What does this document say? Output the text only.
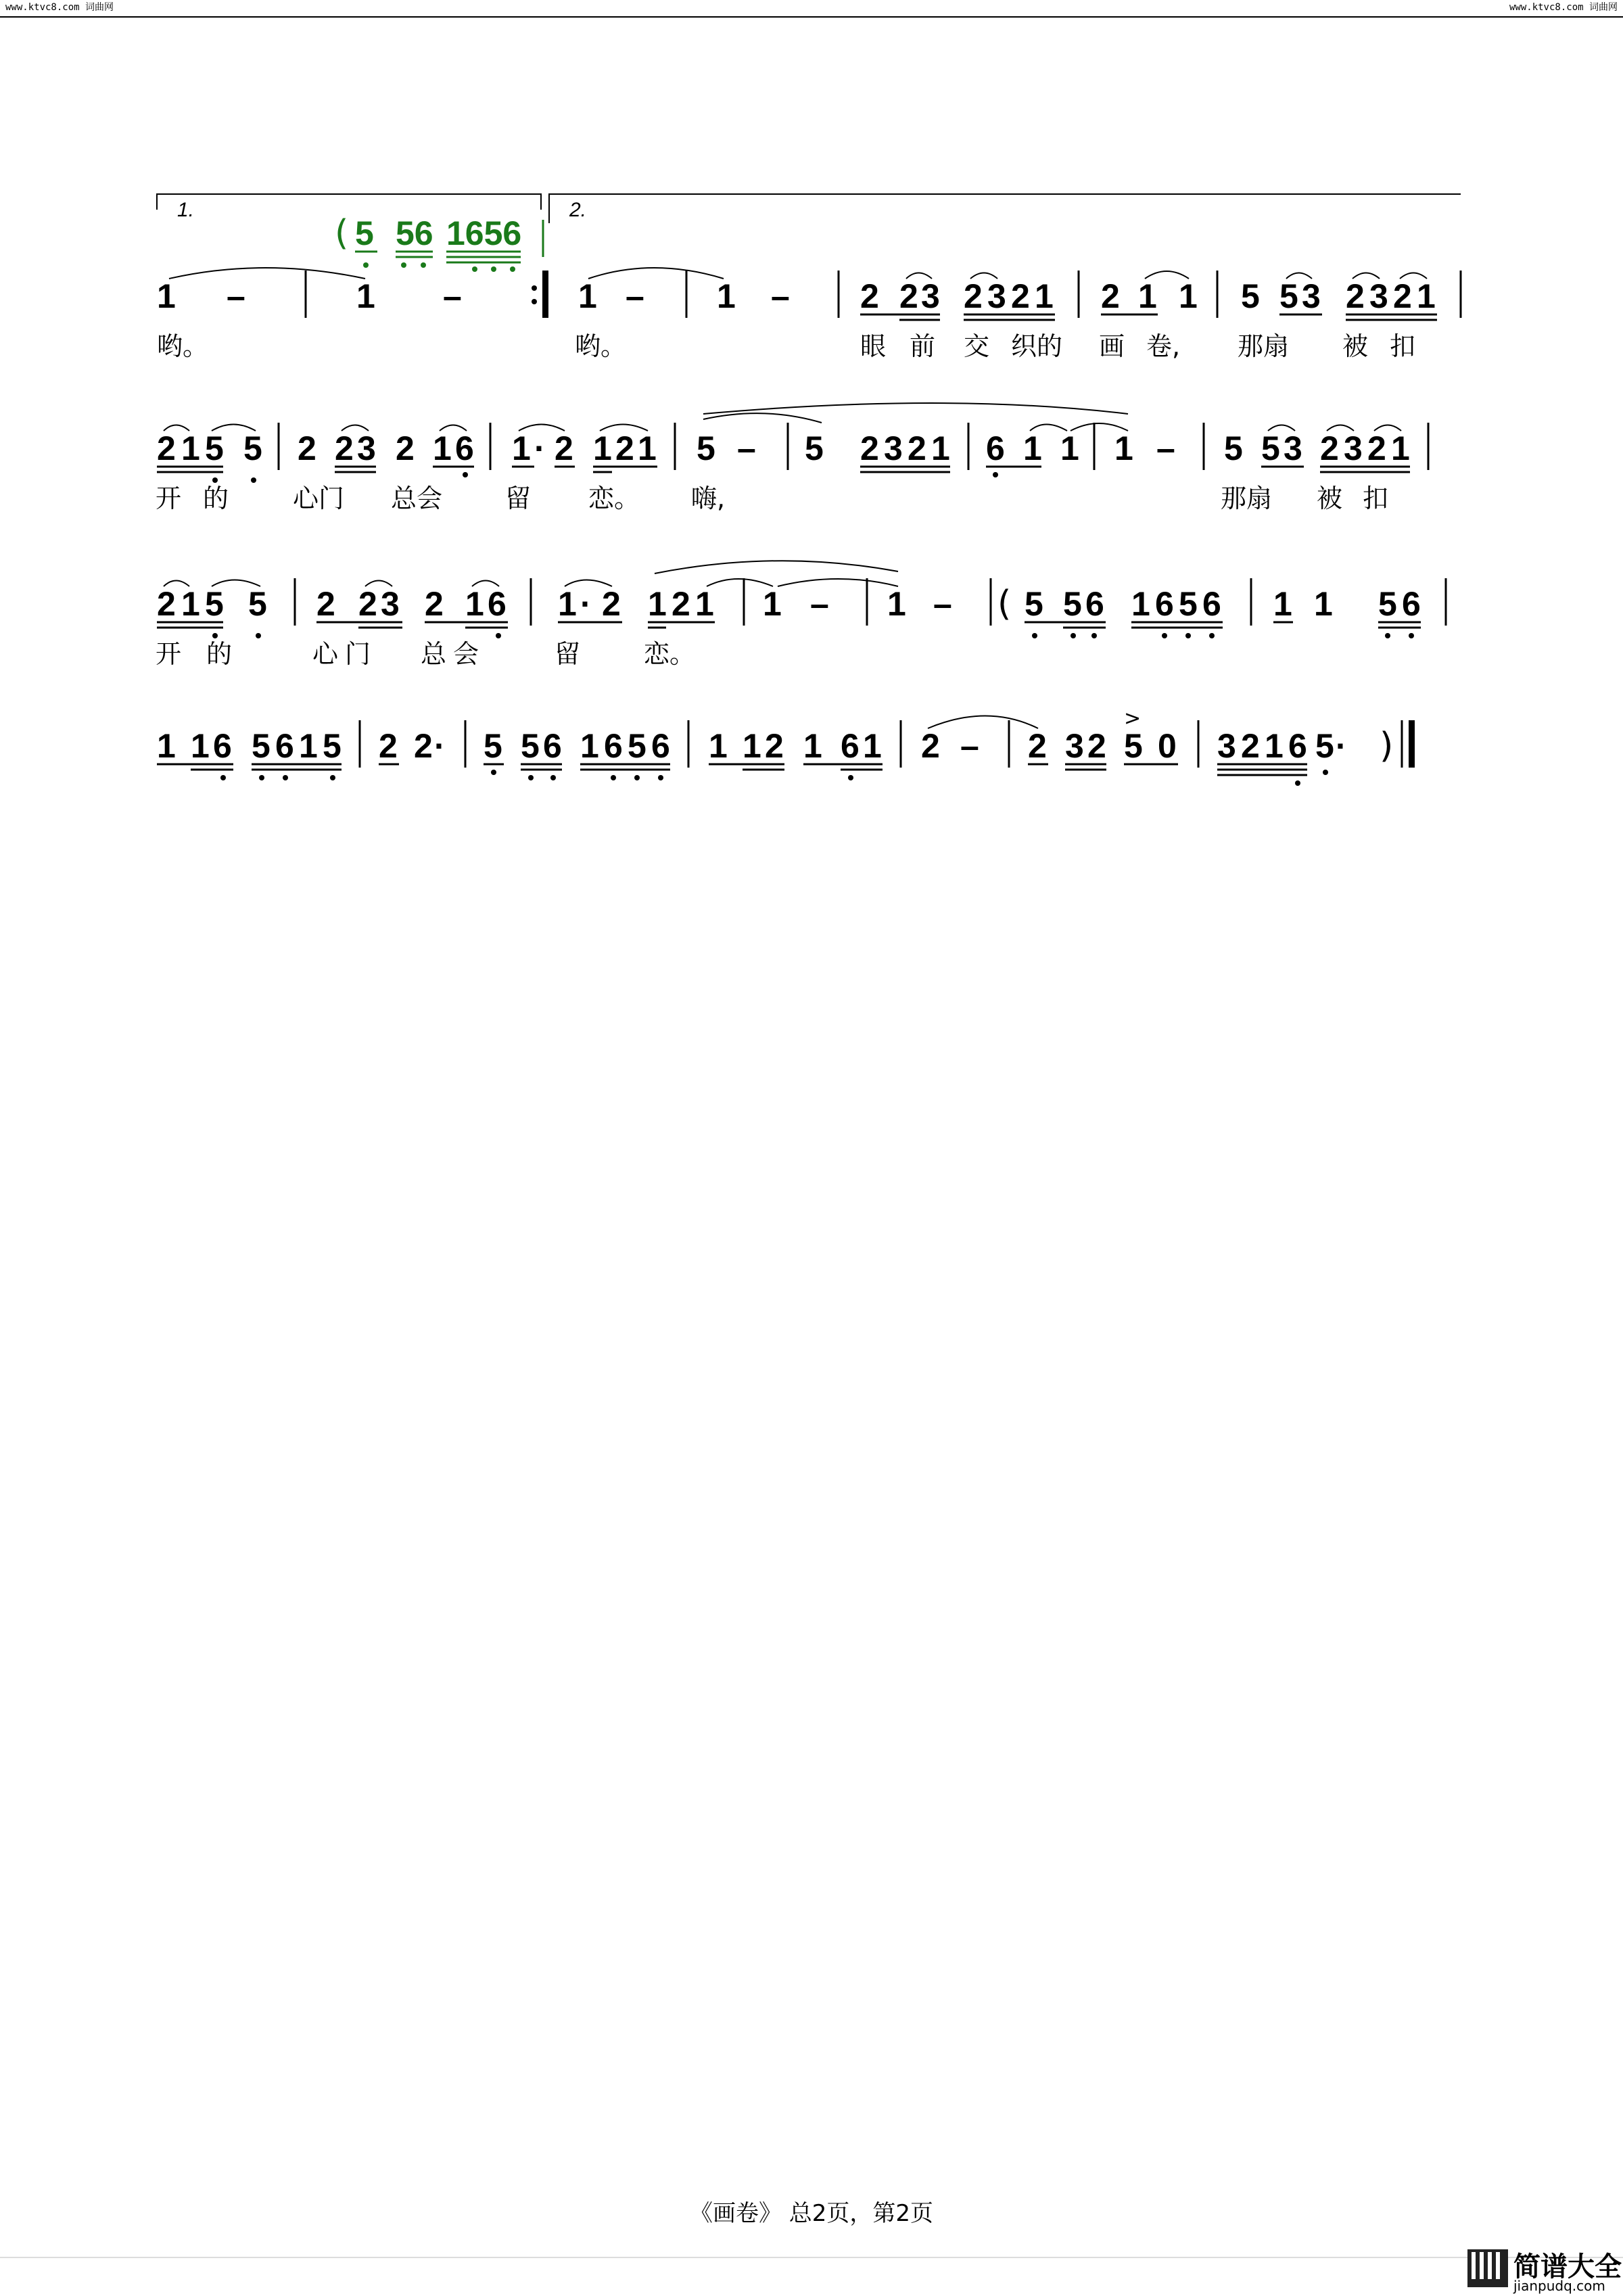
www.ktvc8.com 词曲网	www.ktvc8.com 词曲网
1.	2.
( 5 56 1656
1 –	1 –	1 – 1 – 2 2 3 2 3 2 1 2 1 1 5 5 3 2 3 2 1
哟。	哟。	眼 前 交 织的 画 卷, 那扇 被 扣
2 1 5 5 2 2 3 2 1 6 1 · 2 1 2 1 5 – 5 2 3 2 1 6 1 1 1 – 5 5 3 2 3 2 1
开 的 心门 总会 留 恋。 嗨,	那扇 被 扣
2 1 5 5 2 2 3 2 1 6 1 · 2 1 2 1 1 – 1 – ( 5 5 6 1 6 5 6 1 1 5 6
开 的	心 门 总 会	留 恋。
1 1 6 5 6 1 5 2 2 · 5 5 6 1 6 5 6 1 1 2 1 6 1 2 – 2 3 2
>
5 0 3 2 1 6 5 · )
《画卷》 总2页，第2页
简谱大全
jianpudq.com
